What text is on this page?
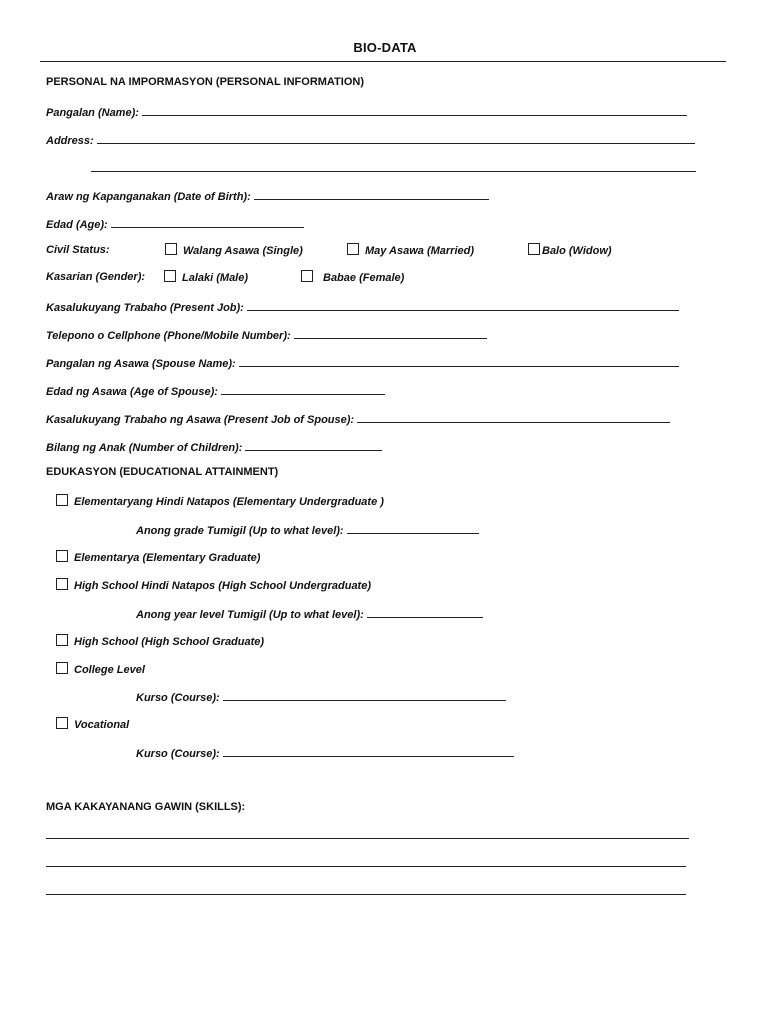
BIO-DATA
PERSONAL NA IMPORMASYON (PERSONAL INFORMATION)
Pangalan (Name):
Address:
Araw ng Kapanganakan (Date of Birth):
Edad (Age):
Civil Status:	Walang Asawa (Single)	May Asawa (Married)	Balo (Widow)
Kasarian (Gender):	Lalaki (Male)	Babae (Female)
Kasalukuyang Trabaho (Present Job):
Telepono o Cellphone (Phone/Mobile Number):
Pangalan ng Asawa (Spouse Name):
Edad ng Asawa (Age of Spouse):
Kasalukuyang Trabaho ng Asawa (Present Job of Spouse):
Bilang ng Anak (Number of Children):
EDUKASYON (EDUCATIONAL ATTAINMENT)
Elementaryang Hindi Natapos (Elementary Undergraduate )
Anong grade Tumigil (Up to what level):
Elementarya (Elementary Graduate)
High School Hindi Natapos (High School Undergraduate)
Anong year level Tumigil (Up to what level):
High School (High School Graduate)
College Level
Kurso (Course):
Vocational
Kurso (Course):
MGA KAKAYANANG GAWIN (SKILLS):
